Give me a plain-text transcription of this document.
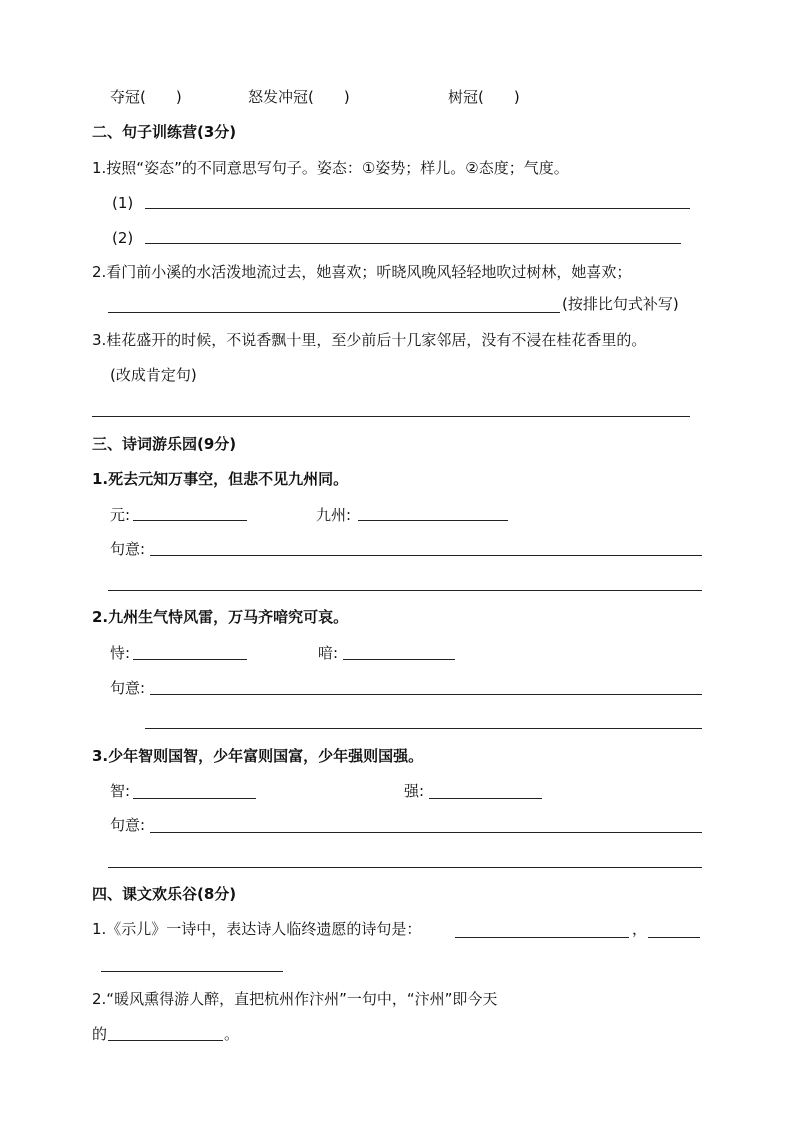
夺冠(　　)	怒发冲冠(　　)	树冠(　　)
二、句子训练营(3分)
1.按照“姿态”的不同意思写句子。姿态：①姿势；样儿。②态度；气度。
(1)
(2)
2.看门前小溪的水活泼地流过去，她喜欢；听晓风晚风轻轻地吹过树林，她喜欢；
(按排比句式补写)
3.桂花盛开的时候，不说香飘十里，至少前后十几家邻居，没有不浸在桂花香里的。
(改成肯定句)
三、诗词游乐园(9分)
1.死去元知万事空，但悲不见九州同。
元:	九州:
句意:
2.九州生气恃风雷，万马齐喑究可哀。
恃:	喑:
句意:
3.少年智则国智，少年富则国富，少年强则国强。
智:	强:
句意:
四、课文欢乐谷(8分)
1.《示儿》一诗中，表达诗人临终遗愿的诗句是：	，
2.“暖风熏得游人醉，直把杭州作汴州”一句中，“汴州”即今天
的	。
